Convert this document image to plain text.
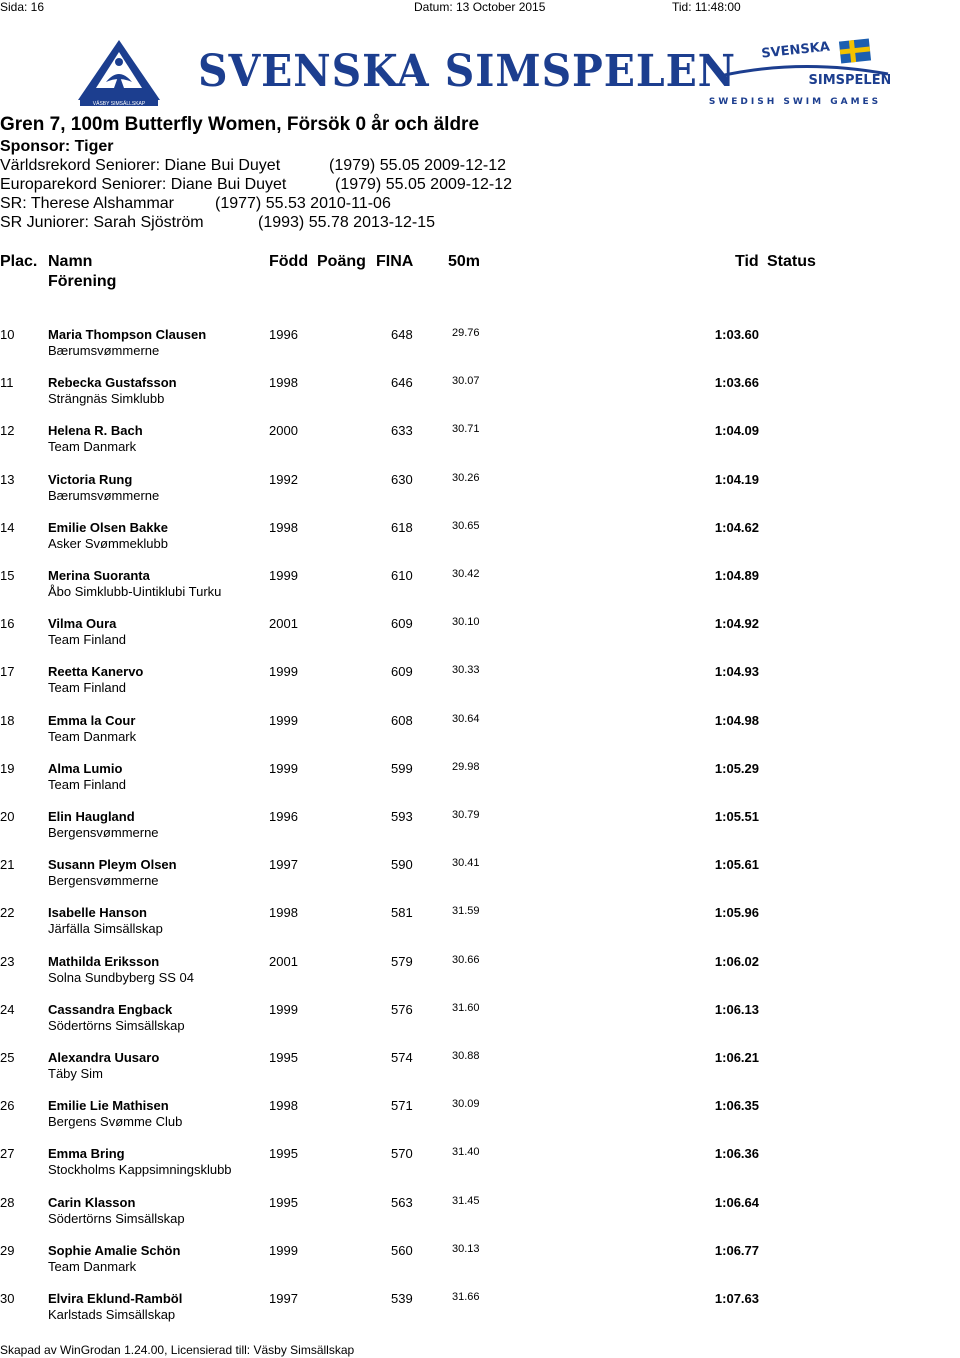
Sida: 16	Datum: 13 October 2015	Tid: 11:48:00
VÄSBY SIMSÄLLSKAP
SVENSKA SIMSPELEN SVENSKA
SIMSPELEN
SWEDISH SWIM GAMES
Gren 7, 100m Butterfly Women, Försök 0 år och äldre
Sponsor: Tiger
Världsrekord Seniorer: Diane Bui Duyet	(1979) 55.05 2009-12-12
Europarekord Seniorer: Diane Bui Duyet	(1979) 55.05 2009-12-12
SR: Therese Alshammar	(1977) 55.53 2010-11-06
SR Juniorer: Sarah Sjöström	(1993) 55.78 2013-12-15
Plac. Namn
Förening
Född Poäng FINA 50m	Tid Status
10	Maria Thompson Clausen
Bærumsvømmerne
1996	648	29.76	1:03.60
11	Rebecka Gustafsson
Strängnäs Simklubb
1998	646	30.07	1:03.66
12	Helena R. Bach
Team Danmark
2000	633	30.71	1:04.09
13	Victoria Rung
Bærumsvømmerne
1992	630	30.26	1:04.19
14	Emilie Olsen Bakke
Asker Svømmeklubb
1998	618	30.65	1:04.62
15	Merina Suoranta
Åbo Simklubb-Uintiklubi Turku
1999	610	30.42	1:04.89
16	Vilma Oura
Team Finland
2001	609	30.10	1:04.92
17	Reetta Kanervo
Team Finland
1999	609	30.33	1:04.93
18	Emma la Cour
Team Danmark
1999	608	30.64	1:04.98
19	Alma Lumio
Team Finland
1999	599	29.98	1:05.29
20	Elin Haugland
Bergensvømmerne
1996	593	30.79	1:05.51
21	Susann Pleym Olsen
Bergensvømmerne
1997	590	30.41	1:05.61
22	Isabelle Hanson
Järfälla Simsällskap
1998	581	31.59	1:05.96
23	Mathilda Eriksson
Solna Sundbyberg SS 04
2001	579	30.66	1:06.02
24	Cassandra Engback
Södertörns Simsällskap
1999	576	31.60	1:06.13
25	Alexandra Uusaro
Täby Sim
1995	574	30.88	1:06.21
26	Emilie Lie Mathisen
Bergens Svømme Club
1998	571	30.09	1:06.35
27	Emma Bring
Stockholms Kappsimningsklubb
1995	570	31.40	1:06.36
28	Carin Klasson
Södertörns Simsällskap
1995	563	31.45	1:06.64
29	Sophie Amalie Schön
Team Danmark
1999	560	30.13	1:06.77
30	Elvira Eklund-Ramböl
Karlstads Simsällskap
1997	539	31.66	1:07.63
Skapad av WinGrodan 1.24.00, Licensierad till: Väsby Simsällskap
